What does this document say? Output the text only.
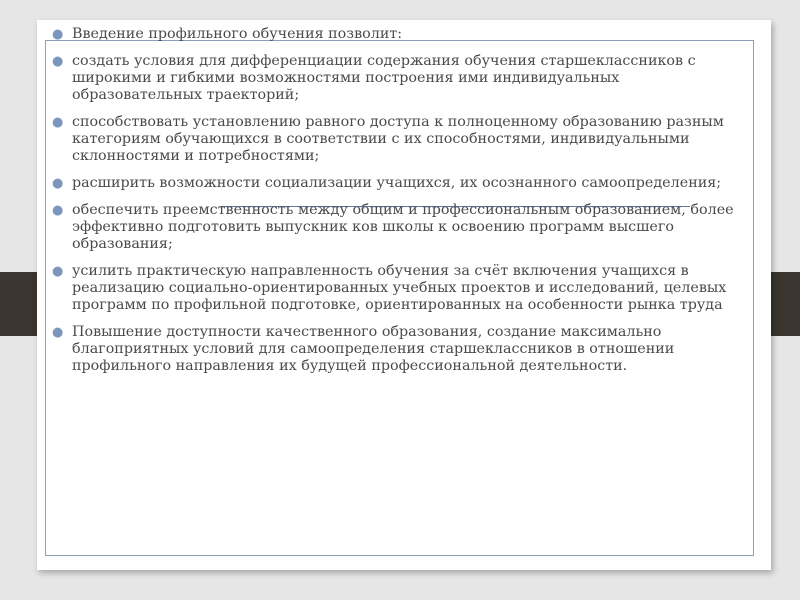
● Введение профильного обучения позволит:
● создать условия для дифференциации содержания обучения старшеклассников с широкими и гибкими возможностями построения ими индивидуальных образовательных траекторий;
● способствовать установлению равного доступа к полноценному образованию разным категориям обучающихся в соответствии с их способностями, индивидуальными склонностями и потребностями;
● расширить возможности социализации учащихся, их осознанного самоопределения;
● обеспечить преемственность между общим и профессиональным образованием, более эффективно подготовить выпускник ков школы к освоению программ высшего образования;
● усилить практическую направленность обучения за счёт включения учащихся в реализацию социально-ориентированных учебных проектов и исследований, целевых программ по профильной подготовке, ориентированных на особенности рынка труда
● Повышение доступности качественного образования, создание максимально благоприятных условий для самоопределения старшеклассников в отношении профильного направления их будущей профессиональной деятельности.
